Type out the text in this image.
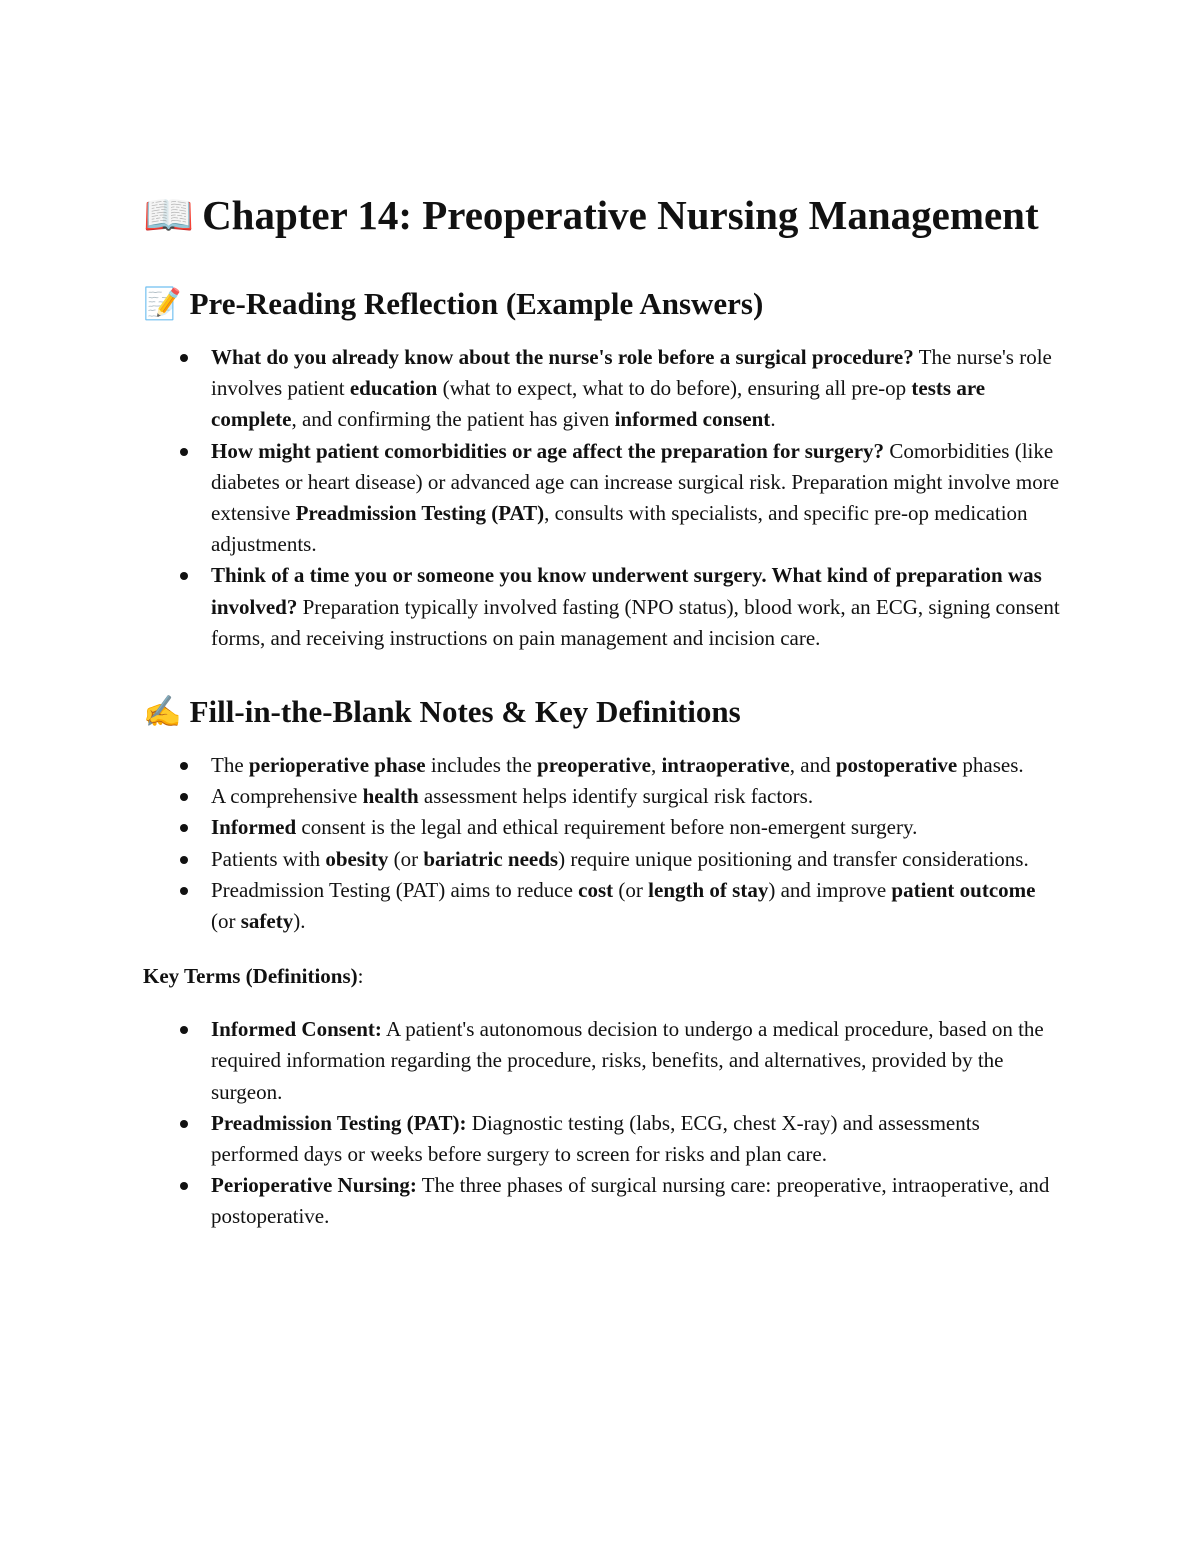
📖 Chapter 14: Preoperative Nursing Management
📝 Pre-Reading Reflection (Example Answers)
What do you already know about the nurse's role before a surgical procedure? The nurse's role involves patient education (what to expect, what to do before), ensuring all pre-op tests are complete, and confirming the patient has given informed consent.
How might patient comorbidities or age affect the preparation for surgery? Comorbidities (like diabetes or heart disease) or advanced age can increase surgical risk. Preparation might involve more extensive Preadmission Testing (PAT), consults with specialists, and specific pre-op medication adjustments.
Think of a time you or someone you know underwent surgery. What kind of preparation was involved? Preparation typically involved fasting (NPO status), blood work, an ECG, signing consent forms, and receiving instructions on pain management and incision care.
✍️ Fill-in-the-Blank Notes & Key Definitions
The perioperative phase includes the preoperative, intraoperative, and postoperative phases.
A comprehensive health assessment helps identify surgical risk factors.
Informed consent is the legal and ethical requirement before non-emergent surgery.
Patients with obesity (or bariatric needs) require unique positioning and transfer considerations.
Preadmission Testing (PAT) aims to reduce cost (or length of stay) and improve patient outcome (or safety).

Key Terms (Definitions):

Informed Consent: A patient's autonomous decision to undergo a medical procedure, based on the required information regarding the procedure, risks, benefits, and alternatives, provided by the surgeon.
Preadmission Testing (PAT): Diagnostic testing (labs, ECG, chest X-ray) and assessments performed days or weeks before surgery to screen for risks and plan care.
Perioperative Nursing: The three phases of surgical nursing care: preoperative, intraoperative, and postoperative.
